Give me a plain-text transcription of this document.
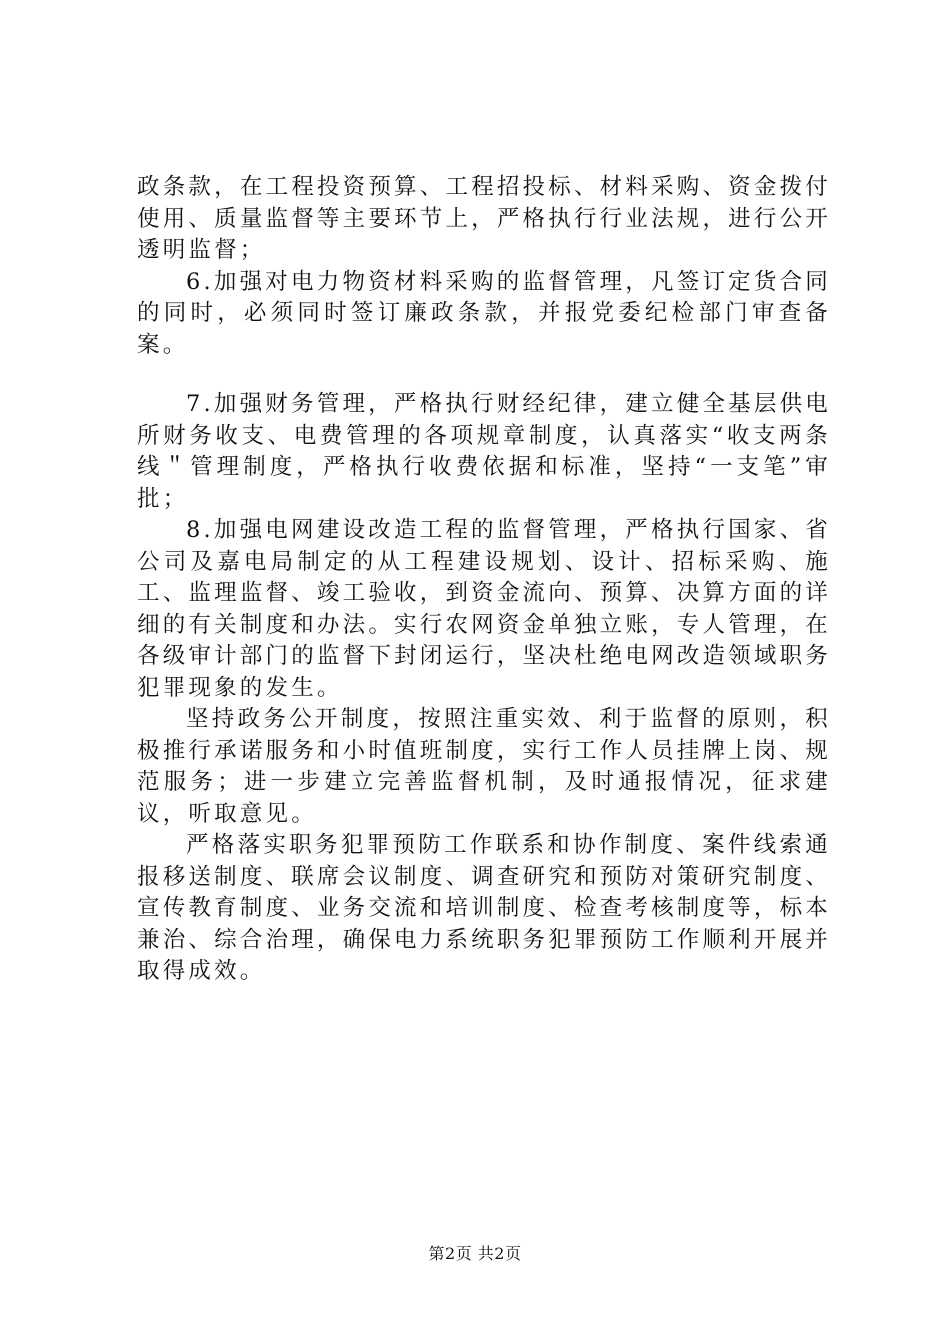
政条款，在工程投资预算、工程招投标、材料采购、资金拨付使用、质量监督等主要环节上，严格执行行业法规，进行公开透明监督；

6.加强对电力物资材料采购的监督管理，凡签订定货合同的同时，必须同时签订廉政条款，并报党委纪检部门审查备案。

7.加强财务管理，严格执行财经纪律，建立健全基层供电所财务收支、电费管理的各项规章制度，认真落实“收支两条线＂管理制度，严格执行收费依据和标准，坚持“一支笔”审批；

8.加强电网建设改造工程的监督管理，严格执行国家、省公司及嘉电局制定的从工程建设规划、设计、招标采购、施工、监理监督、竣工验收，到资金流向、预算、决算方面的详细的有关制度和办法。实行农网资金单独立账，专人管理，在各级审计部门的监督下封闭运行，坚决杜绝电网改造领域职务犯罪现象的发生。

坚持政务公开制度，按照注重实效、利于监督的原则，积极推行承诺服务和小时值班制度，实行工作人员挂牌上岗、规范服务；进一步建立完善监督机制，及时通报情况，征求建议，听取意见。

严格落实职务犯罪预防工作联系和协作制度、案件线索通报移送制度、联席会议制度、调查研究和预防对策研究制度、宣传教育制度、业务交流和培训制度、检查考核制度等，标本兼治、综合治理，确保电力系统职务犯罪预防工作顺利开展并取得成效。

第2页 共2页
